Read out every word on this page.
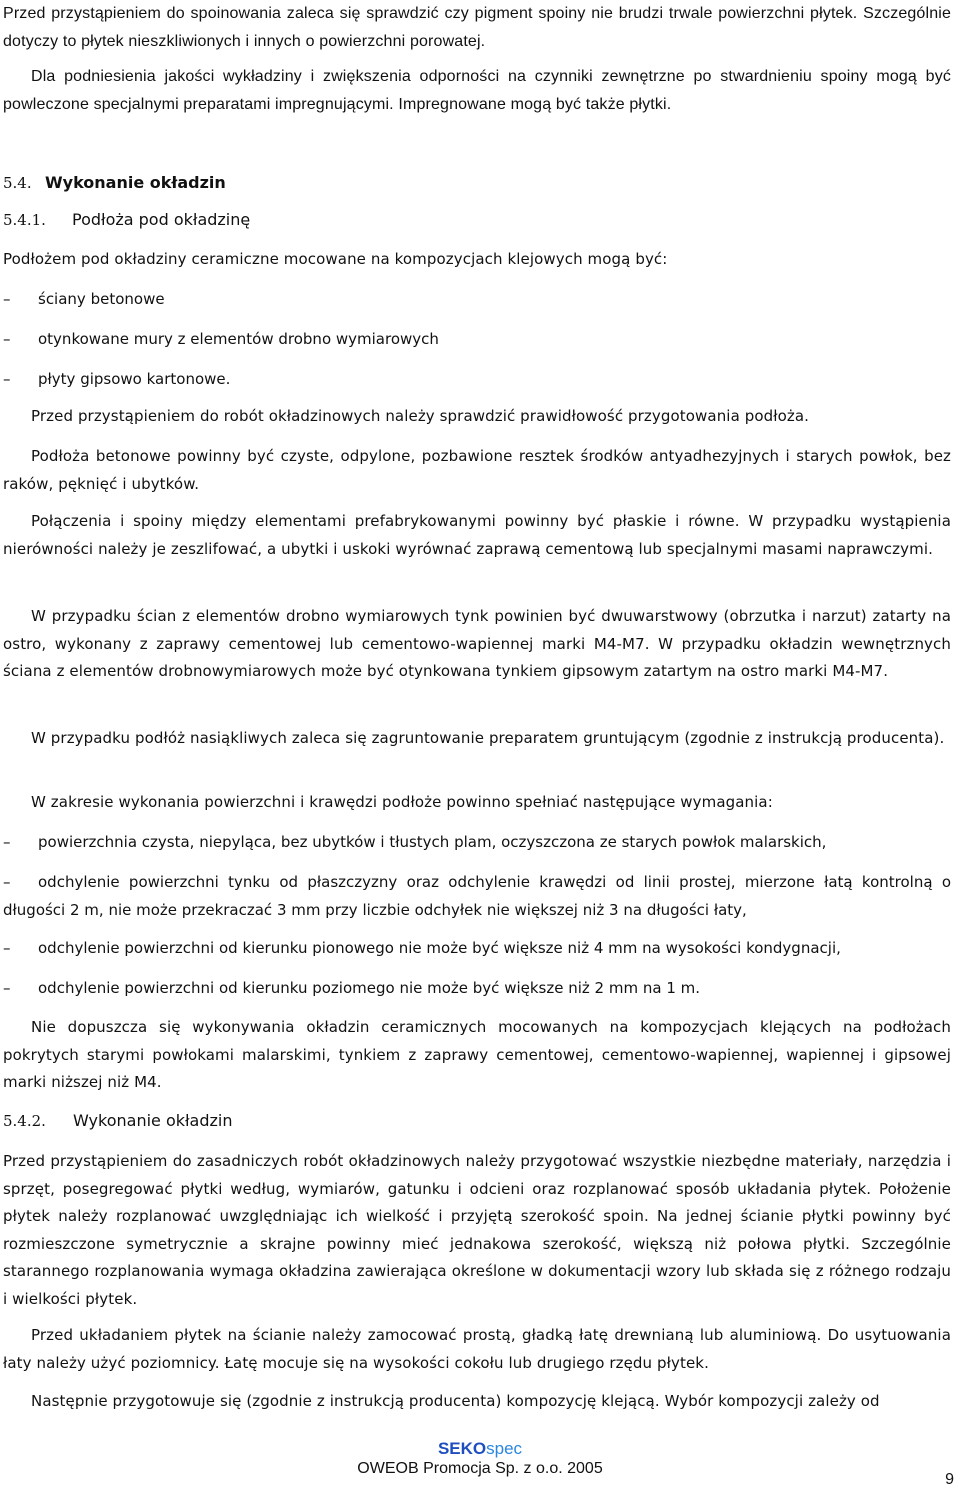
Przed przystąpieniem do spoinowania zaleca się sprawdzić czy pigment spoiny nie brudzi trwale powierzchni płytek. Szczególnie dotyczy to płytek nieszkliwionych i innych o powierzchni porowatej.

Dla podniesienia jakości wykładziny i zwiększenia odporności na czynniki zewnętrzne po stwardnieniu spoiny mogą być powleczone specjalnymi preparatami impregnującymi. Impregnowane mogą być także płytki.

5.4. Wykonanie okładzin
5.4.1. Podłoża pod okładzinę

Podłożem pod okładziny ceramiczne mocowane na kompozycjach klejowych mogą być:

–	ściany betonowe
–	otynkowane mury z elementów drobno wymiarowych
–	płyty gipsowo kartonowe.

Przed przystąpieniem do robót okładzinowych należy sprawdzić prawidłowość przygotowania podłoża.

Podłoża betonowe powinny być czyste, odpylone, pozbawione resztek środków antyadhezyjnych i starych powłok, bez raków, pęknięć i ubytków.

Połączenia i spoiny między elementami prefabrykowanymi powinny być płaskie i równe. W przypadku wystąpienia nierówności należy je zeszlifować, a ubytki i uskoki wyrównać zaprawą cementową lub specjalnymi masami naprawczymi.

W przypadku ścian z elementów drobno wymiarowych tynk powinien być dwuwarstwowy (obrzutka i narzut) zatarty na ostro, wykonany z zaprawy cementowej lub cementowo-wapiennej marki M4-M7. W przypadku okładzin wewnętrznych ściana z elementów drobnowymiarowych może być otynkowana tynkiem gipsowym zatartym na ostro marki M4-M7.

W przypadku podłóż nasiąkliwych zaleca się zagruntowanie preparatem gruntującym (zgodnie z instrukcją producenta).

W zakresie wykonania powierzchni i krawędzi podłoże powinno spełniać następujące wymagania:

–	powierzchnia czysta, niepyląca, bez ubytków i tłustych plam, oczyszczona ze starych powłok malarskich,
–	odchylenie powierzchni tynku od płaszczyzny oraz odchylenie krawędzi od linii prostej, mierzone łatą kontrolną o długości 2 m, nie może przekraczać 3 mm przy liczbie odchyłek nie większej niż 3 na długości łaty,
–	odchylenie powierzchni od kierunku pionowego nie może być większe niż 4 mm na wysokości kondygnacji,
–	odchylenie powierzchni od kierunku poziomego nie może być większe niż 2 mm na 1 m.

Nie dopuszcza się wykonywania okładzin ceramicznych mocowanych na kompozycjach klejących na podłożach pokrytych starymi powłokami malarskimi, tynkiem z zaprawy cementowej, cementowo-wapiennej, wapiennej i gipsowej marki niższej niż M4.

5.4.2. Wykonanie okładzin

Przed przystąpieniem do zasadniczych robót okładzinowych należy przygotować wszystkie niezbędne materiały, narzędzia i sprzęt, posegregować płytki według, wymiarów, gatunku i odcieni oraz rozplanować sposób układania płytek. Położenie płytek należy rozplanować uwzględniając ich wielkość i przyjętą szerokość spoin. Na jednej ścianie płytki powinny być rozmieszczone symetrycznie a skrajne powinny mieć jednakowa szerokość, większą niż połowa płytki. Szczególnie starannego rozplanowania wymaga okładzina zawierająca określone w dokumentacji wzory lub składa się z różnego rodzaju i wielkości płytek.

Przed układaniem płytek na ścianie należy zamocować prostą, gładką łatę drewnianą lub aluminiową. Do usytuowania łaty należy użyć poziomnicy. Łatę mocuje się na wysokości cokołu lub drugiego rzędu płytek.

Następnie przygotowuje się (zgodnie z instrukcją producenta) kompozycję klejącą. Wybór kompozycji zależy od

SEKOspec
OWEOB Promocja Sp. z o.o. 2005
9
